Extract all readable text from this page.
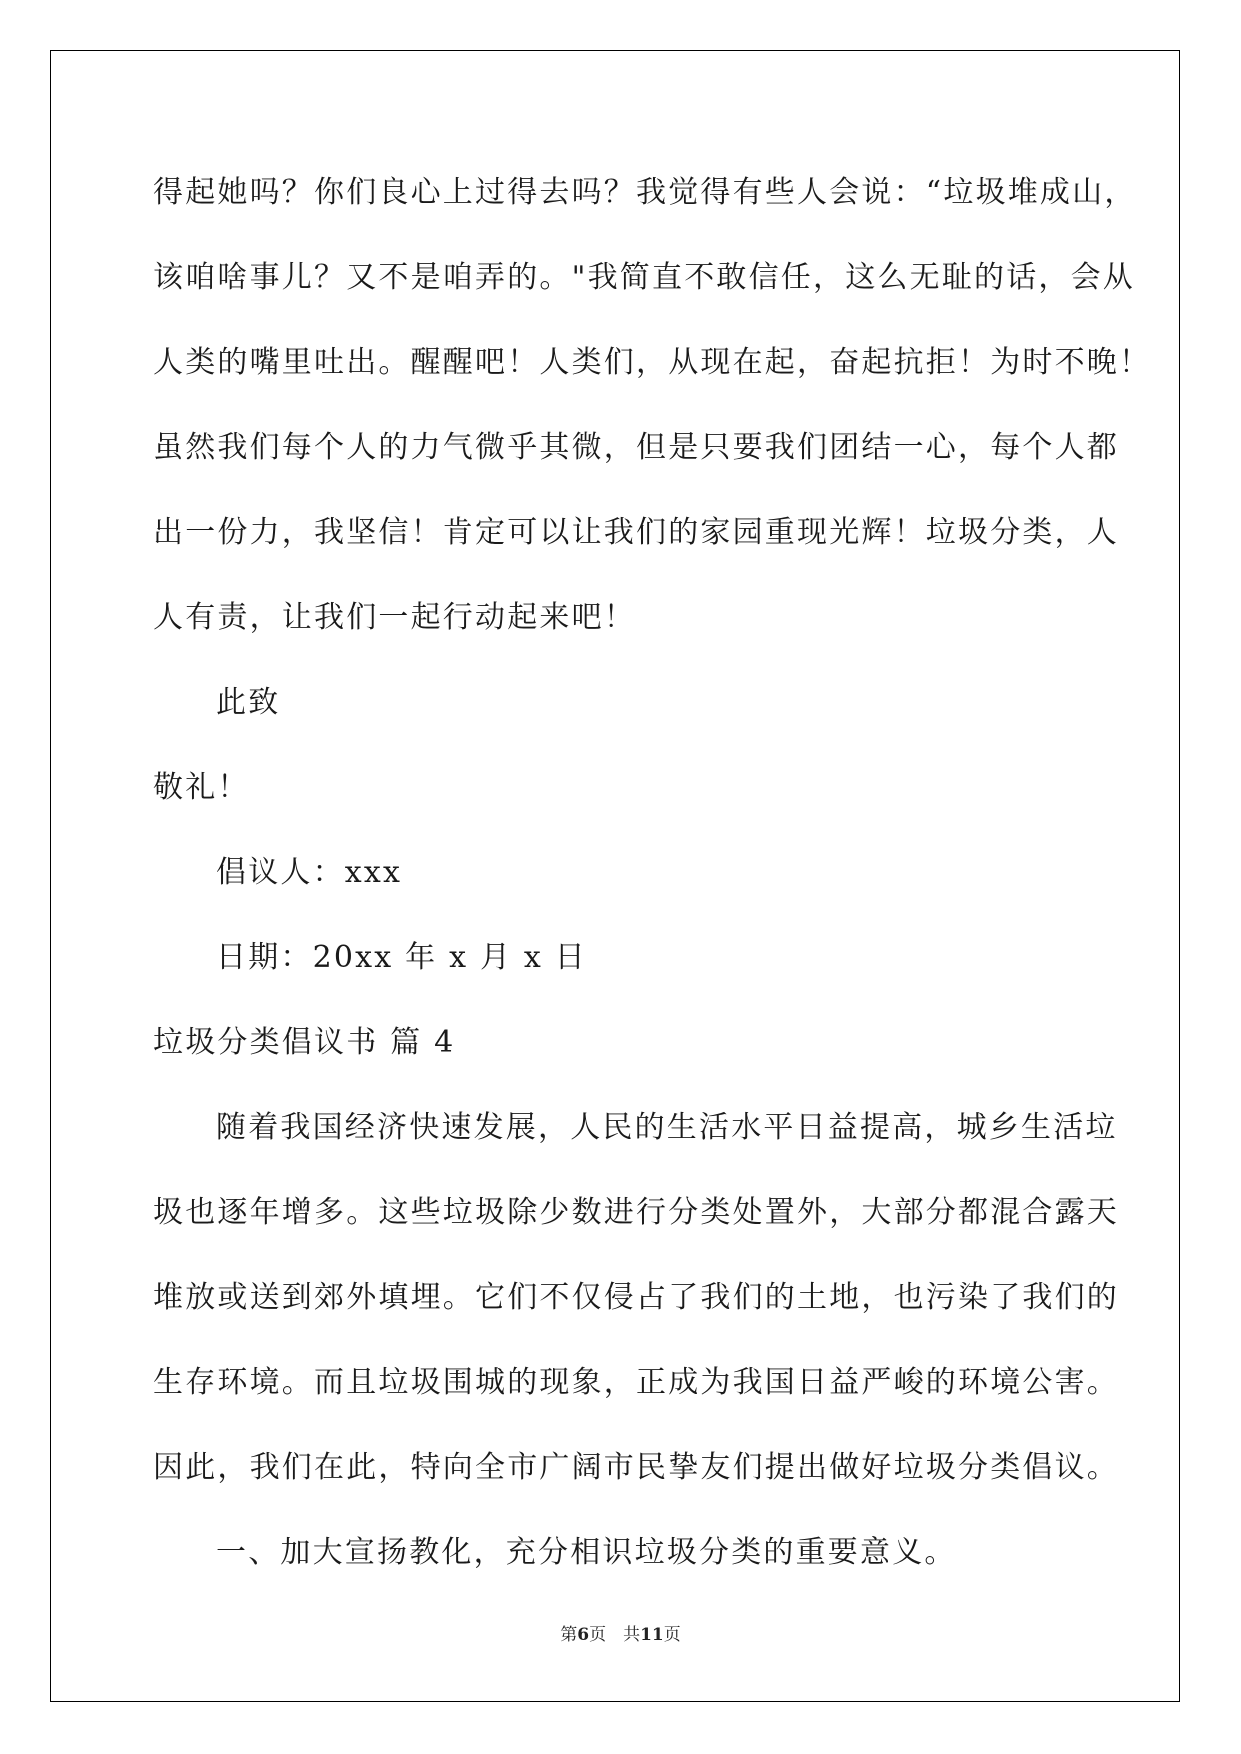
得起她吗？你们良心上过得去吗？我觉得有些人会说：“垃圾堆成山，
该咱啥事儿？又不是咱弄的。"我简直不敢信任，这么无耻的话，会从
人类的嘴里吐出。醒醒吧！人类们，从现在起，奋起抗拒！为时不晚！
虽然我们每个人的力气微乎其微，但是只要我们团结一心，每个人都
出一份力，我坚信！肯定可以让我们的家园重现光辉！垃圾分类，人
人有责，让我们一起行动起来吧！
此致
敬礼！
倡议人：xxx
日期：20xx 年 x 月 x 日
垃圾分类倡议书 篇 4
随着我国经济快速发展，人民的生活水平日益提高，城乡生活垃
圾也逐年增多。这些垃圾除少数进行分类处置外，大部分都混合露天
堆放或送到郊外填埋。它们不仅侵占了我们的土地，也污染了我们的
生存环境。而且垃圾围城的现象，正成为我国日益严峻的环境公害。
因此，我们在此，特向全市广阔市民挚友们提出做好垃圾分类倡议。
一、加大宣扬教化，充分相识垃圾分类的重要意义。
第6页　共11页
